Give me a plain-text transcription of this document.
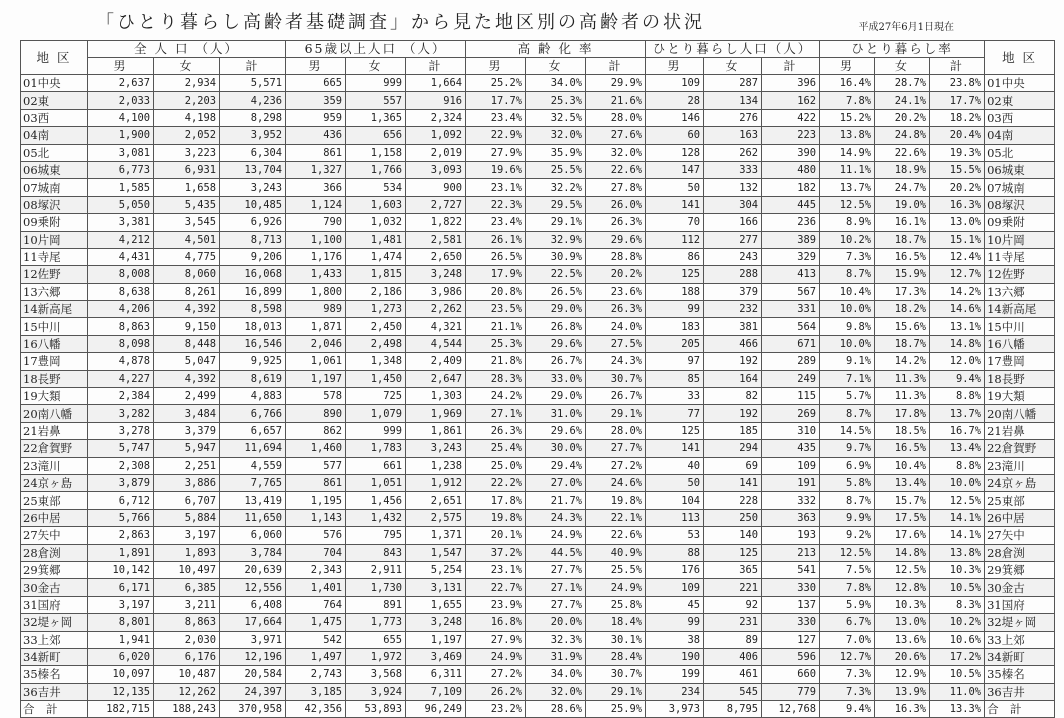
「ひとり暮らし高齢者基礎調査」から見た地区別の高齢者の状況	平成27年6月1日現在
地 区	全 人 口 （人）			65歳以上人口 （人）			高 齢 化 率			ひとり暮らし人口（人）			ひとり暮らし率			地 区
	男	女	計	男	女	計	男	女	計	男	女	計	男	女	計	
01中央	2,637	2,934	5,571	665	999	1,664	25.2%	34.0%	29.9%	109	287	396	16.4%	28.7%	23.8%	01中央
02東	2,033	2,203	4,236	359	557	916	17.7%	25.3%	21.6%	28	134	162	7.8%	24.1%	17.7%	02東
03西	4,100	4,198	8,298	959	1,365	2,324	23.4%	32.5%	28.0%	146	276	422	15.2%	20.2%	18.2%	03西
04南	1,900	2,052	3,952	436	656	1,092	22.9%	32.0%	27.6%	60	163	223	13.8%	24.8%	20.4%	04南
05北	3,081	3,223	6,304	861	1,158	2,019	27.9%	35.9%	32.0%	128	262	390	14.9%	22.6%	19.3%	05北
06城東	6,773	6,931	13,704	1,327	1,766	3,093	19.6%	25.5%	22.6%	147	333	480	11.1%	18.9%	15.5%	06城東
07城南	1,585	1,658	3,243	366	534	900	23.1%	32.2%	27.8%	50	132	182	13.7%	24.7%	20.2%	07城南
08塚沢	5,050	5,435	10,485	1,124	1,603	2,727	22.3%	29.5%	26.0%	141	304	445	12.5%	19.0%	16.3%	08塚沢
09乗附	3,381	3,545	6,926	790	1,032	1,822	23.4%	29.1%	26.3%	70	166	236	8.9%	16.1%	13.0%	09乗附
10片岡	4,212	4,501	8,713	1,100	1,481	2,581	26.1%	32.9%	29.6%	112	277	389	10.2%	18.7%	15.1%	10片岡
11寺尾	4,431	4,775	9,206	1,176	1,474	2,650	26.5%	30.9%	28.8%	86	243	329	7.3%	16.5%	12.4%	11寺尾
12佐野	8,008	8,060	16,068	1,433	1,815	3,248	17.9%	22.5%	20.2%	125	288	413	8.7%	15.9%	12.7%	12佐野
13六郷	8,638	8,261	16,899	1,800	2,186	3,986	20.8%	26.5%	23.6%	188	379	567	10.4%	17.3%	14.2%	13六郷
14新高尾	4,206	4,392	8,598	989	1,273	2,262	23.5%	29.0%	26.3%	99	232	331	10.0%	18.2%	14.6%	14新高尾
15中川	8,863	9,150	18,013	1,871	2,450	4,321	21.1%	26.8%	24.0%	183	381	564	9.8%	15.6%	13.1%	15中川
16八幡	8,098	8,448	16,546	2,046	2,498	4,544	25.3%	29.6%	27.5%	205	466	671	10.0%	18.7%	14.8%	16八幡
17豊岡	4,878	5,047	9,925	1,061	1,348	2,409	21.8%	26.7%	24.3%	97	192	289	9.1%	14.2%	12.0%	17豊岡
18長野	4,227	4,392	8,619	1,197	1,450	2,647	28.3%	33.0%	30.7%	85	164	249	7.1%	11.3%	9.4%	18長野
19大類	2,384	2,499	4,883	578	725	1,303	24.2%	29.0%	26.7%	33	82	115	5.7%	11.3%	8.8%	19大類
20南八幡	3,282	3,484	6,766	890	1,079	1,969	27.1%	31.0%	29.1%	77	192	269	8.7%	17.8%	13.7%	20南八幡
21岩鼻	3,278	3,379	6,657	862	999	1,861	26.3%	29.6%	28.0%	125	185	310	14.5%	18.5%	16.7%	21岩鼻
22倉賀野	5,747	5,947	11,694	1,460	1,783	3,243	25.4%	30.0%	27.7%	141	294	435	9.7%	16.5%	13.4%	22倉賀野
23滝川	2,308	2,251	4,559	577	661	1,238	25.0%	29.4%	27.2%	40	69	109	6.9%	10.4%	8.8%	23滝川
24京ヶ島	3,879	3,886	7,765	861	1,051	1,912	22.2%	27.0%	24.6%	50	141	191	5.8%	13.4%	10.0%	24京ヶ島
25東部	6,712	6,707	13,419	1,195	1,456	2,651	17.8%	21.7%	19.8%	104	228	332	8.7%	15.7%	12.5%	25東部
26中居	5,766	5,884	11,650	1,143	1,432	2,575	19.8%	24.3%	22.1%	113	250	363	9.9%	17.5%	14.1%	26中居
27矢中	2,863	3,197	6,060	576	795	1,371	20.1%	24.9%	22.6%	53	140	193	9.2%	17.6%	14.1%	27矢中
28倉渕	1,891	1,893	3,784	704	843	1,547	37.2%	44.5%	40.9%	88	125	213	12.5%	14.8%	13.8%	28倉渕
29箕郷	10,142	10,497	20,639	2,343	2,911	5,254	23.1%	27.7%	25.5%	176	365	541	7.5%	12.5%	10.3%	29箕郷
30金古	6,171	6,385	12,556	1,401	1,730	3,131	22.7%	27.1%	24.9%	109	221	330	7.8%	12.8%	10.5%	30金古
31国府	3,197	3,211	6,408	764	891	1,655	23.9%	27.7%	25.8%	45	92	137	5.9%	10.3%	8.3%	31国府
32堤ヶ岡	8,801	8,863	17,664	1,475	1,773	3,248	16.8%	20.0%	18.4%	99	231	330	6.7%	13.0%	10.2%	32堤ヶ岡
33上郊	1,941	2,030	3,971	542	655	1,197	27.9%	32.3%	30.1%	38	89	127	7.0%	13.6%	10.6%	33上郊
34新町	6,020	6,176	12,196	1,497	1,972	3,469	24.9%	31.9%	28.4%	190	406	596	12.7%	20.6%	17.2%	34新町
35榛名	10,097	10,487	20,584	2,743	3,568	6,311	27.2%	34.0%	30.7%	199	461	660	7.3%	12.9%	10.5%	35榛名
36吉井	12,135	12,262	24,397	3,185	3,924	7,109	26.2%	32.0%	29.1%	234	545	779	7.3%	13.9%	11.0%	36吉井
合　計	182,715	188,243	370,958	42,356	53,893	96,249	23.2%	28.6%	25.9%	3,973	8,795	12,768	9.4%	16.3%	13.3%	合　計
